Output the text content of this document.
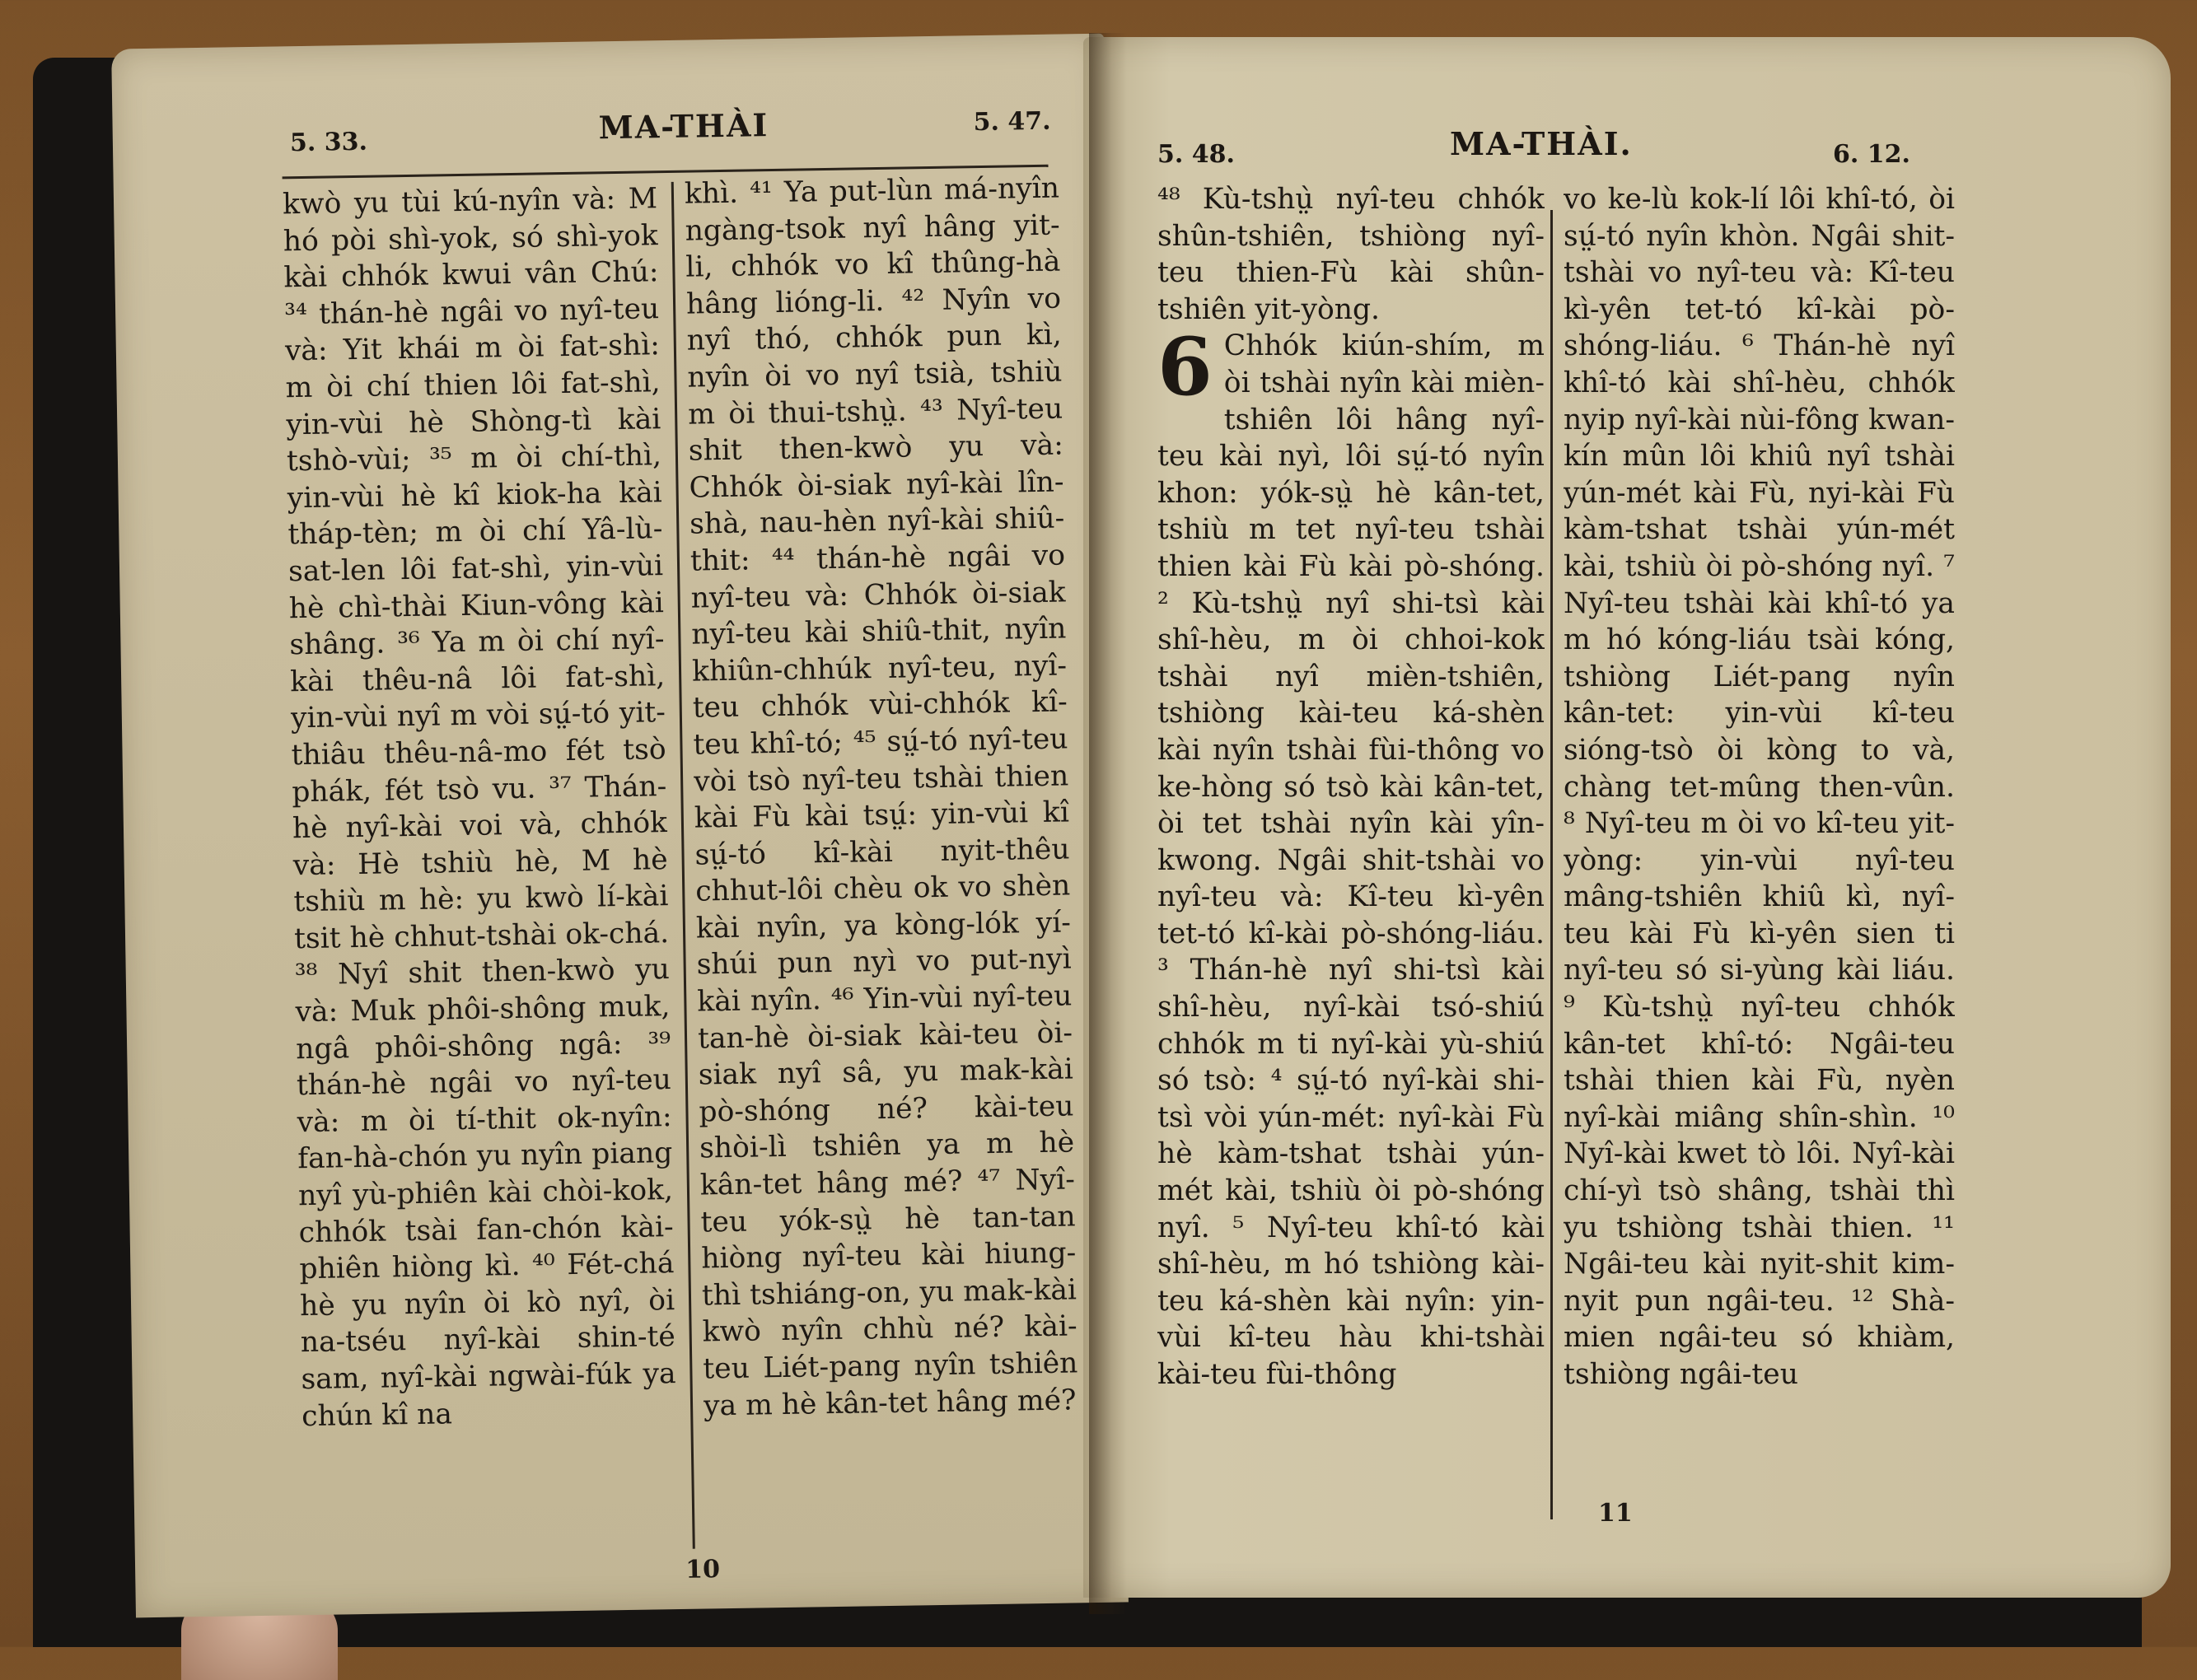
5. 33.	MA-THÀI	5. 47.

kwò yu tùi kú-nyîn và: M hó pòi shì-yok, só shì-yok kài chhók kwui vân Chú: ³⁴ thán-hè ngâi vo nyî-teu và: Yit khái m òi fat-shì: m òi chí thien lôi fat-shì, yin-vùi hè Shòng-tì kài tshò-vùi; ³⁵ m òi chí-thì, yin-vùi hè kî kiok-ha kài tháp-tèn; m òi chí Yâ-lù-sat-len lôi fat-shì, yin-vùi hè chì-thài Kiun-vông kài shâng. ³⁶ Ya m òi chí nyî-kài thêu-nâ lôi fat-shì, yin-vùi nyî m vòi sṳ́-tó yit-thiâu thêu-nâ-mo fét tsò phák, fét tsò vu. ³⁷ Thán-hè nyî-kài voi và, chhók và: Hè tshiù hè, M hè tshiù m hè: yu kwò lí-kài tsit hè chhut-tshài ok-chá. ³⁸ Nyî shit then-kwò yu và: Muk phôi-shông muk, ngâ phôi-shông ngâ: ³⁹ thán-hè ngâi vo nyî-teu và: m òi tí-thit ok-nyîn: fan-hà-chón yu nyîn piang nyî yù-phiên kài chòi-kok, chhók tsài fan-chón kài-phiên hiòng kì. ⁴⁰ Fét-chá hè yu nyîn òi kò nyî, òi na-tséu nyî-kài shin-té sam, nyî-kài ngwài-fúk ya chún kî na

khì. ⁴¹ Ya put-lùn má-nyîn ngàng-tsok nyî hâng yit-li, chhók vo kî thûng-hà hâng lióng-li. ⁴² Nyîn vo nyî thó, chhók pun kì, nyîn òi vo nyî tsià, tshiù m òi thui-tshṳ̀. ⁴³ Nyî-teu shit then-kwò yu và: Chhók òi-siak nyî-kài lîn-shà, nau-hèn nyî-kài shiû-thit: ⁴⁴ thán-hè ngâi vo nyî-teu và: Chhók òi-siak nyî-teu kài shiû-thit, nyîn khiûn-chhúk nyî-teu, nyî-teu chhók vùi-chhók kî-teu khî-tó; ⁴⁵ sṳ́-tó nyî-teu vòi tsò nyî-teu tshài thien kài Fù kài tsṳ́: yin-vùi kî sṳ́-tó kî-kài nyit-thêu chhut-lôi chèu ok vo shèn kài nyîn, ya kòng-lók yí-shúi pun nyì vo put-nyì kài nyîn. ⁴⁶ Yin-vùi nyî-teu tan-hè òi-siak kài-teu òi-siak nyî sâ, yu mak-kài pò-shóng né? kài-teu shòi-lì tshiên ya m hè kân-tet hâng mé? ⁴⁷ Nyî-teu yók-sṳ̀ hè tan-tan hiòng nyî-teu kài hiung-thì tshiáng-on, yu mak-kài kwò nyîn chhù né? kài-teu Liét-pang nyîn tshiên ya m hè kân-tet hâng mé?

10
5. 48.	MA-THÀI.	6. 12.

⁴⁸ Kù-tshṳ̀ nyî-teu chhók shûn-tshiên, tshiòng nyî-teu thien-Fù kài shûn-tshiên yit-yòng.

6 Chhók kiún-shím, m òi tshài nyîn kài mièn-tshiên lôi hâng nyî-teu kài nyì, lôi sṳ́-tó nyîn khon: yók-sṳ̀ hè kân-tet, tshiù m tet nyî-teu tshài thien kài Fù kài pò-shóng. ² Kù-tshṳ̀ nyî shi-tsì kài shî-hèu, m òi chhoi-kok tshài nyî mièn-tshiên, tshiòng kài-teu ká-shèn kài nyîn tshài fùi-thông vo ke-hòng só tsò kài kân-tet, òi tet tshài nyîn kài yîn-kwong. Ngâi shit-tshài vo nyî-teu và: Kî-teu kì-yên tet-tó kî-kài pò-shóng-liáu. ³ Thán-hè nyî shi-tsì kài shî-hèu, nyî-kài tsó-shiú chhók m ti nyî-kài yù-shiú só tsò: ⁴ sṳ́-tó nyî-kài shi-tsì vòi yún-mét: nyî-kài Fù hè kàm-tshat tshài yún-mét kài, tshiù òi pò-shóng nyî. ⁵ Nyî-teu khî-tó kài shî-hèu, m hó tshiòng kài-teu ká-shèn kài nyîn: yin-vùi kî-teu hàu khi-tshài kài-teu fùi-thông

vo ke-lù kok-lí lôi khî-tó, òi sṳ́-tó nyîn khòn. Ngâi shit-tshài vo nyî-teu và: Kî-teu kì-yên tet-tó kî-kài pò-shóng-liáu. ⁶ Thán-hè nyî khî-tó kài shî-hèu, chhók nyip nyî-kài nùi-fông kwan-kín mûn lôi khiû nyî tshài yún-mét kài Fù, nyi-kài Fù kàm-tshat tshài yún-mét kài, tshiù òi pò-shóng nyî. ⁷ Nyî-teu tshài kài khî-tó ya m hó kóng-liáu tsài kóng, tshiòng Liét-pang nyîn kân-tet: yin-vùi kî-teu sióng-tsò òi kòng to và, chàng tet-mûng then-vûn. ⁸ Nyî-teu m òi vo kî-teu yit-yòng: yin-vùi nyî-teu mâng-tshiên khiû kì, nyî-teu kài Fù kì-yên sien ti nyî-teu só si-yùng kài liáu. ⁹ Kù-tshṳ̀ nyî-teu chhók kân-tet khî-tó: Ngâi-teu tshài thien kài Fù, nyèn nyî-kài miâng shîn-shìn. ¹⁰ Nyî-kài kwet tò lôi. Nyî-kài chí-yì tsò shâng, tshài thì yu tshiòng tshài thien. ¹¹ Ngâi-teu kài nyit-shit kim-nyit pun ngâi-teu. ¹² Shà-mien ngâi-teu só khiàm, tshiòng ngâi-teu

11
